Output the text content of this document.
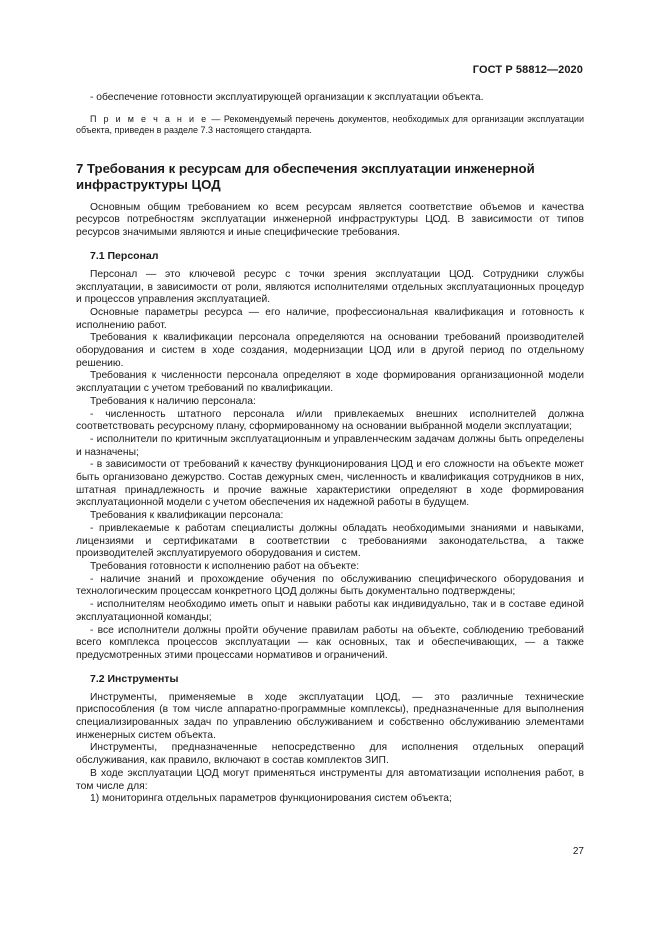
ГОСТ Р 58812—2020

- обеспечение готовности эксплуатирующей организации к эксплуатации объекта.

П р и м е ч а н и е — Рекомендуемый перечень документов, необходимых для организации эксплуатации объекта, приведен в разделе 7.3 настоящего стандарта.

7 Требования к ресурсам для обеспечения эксплуатации инженерной инфраструктуры ЦОД

Основным общим требованием ко всем ресурсам является соответствие объемов и качества ресурсов потребностям эксплуатации инженерной инфраструктуры ЦОД. В зависимости от типов ресурсов значимыми являются и иные специфические требования.

7.1 Персонал

Персонал — это ключевой ресурс с точки зрения эксплуатации ЦОД. Сотрудники службы эксплуатации, в зависимости от роли, являются исполнителями отдельных эксплуатационных процедур и процессов управления эксплуатацией.

Основные параметры ресурса — его наличие, профессиональная квалификация и готовность к исполнению работ.

Требования к квалификации персонала определяются на основании требований производителей оборудования и систем в ходе создания, модернизации ЦОД или в другой период по отдельному решению.

Требования к численности персонала определяют в ходе формирования организационной модели эксплуатации с учетом требований по квалификации.

Требования к наличию персонала:

- численность штатного персонала и/или привлекаемых внешних исполнителей должна соответствовать ресурсному плану, сформированному на основании выбранной модели эксплуатации;

- исполнители по критичным эксплуатационным и управленческим задачам должны быть определены и назначены;

- в зависимости от требований к качеству функционирования ЦОД и его сложности на объекте может быть организовано дежурство. Состав дежурных смен, численность и квалификация сотрудников в них, штатная принадлежность и прочие важные характеристики определяют в ходе формирования эксплуатационной модели с учетом обеспечения их надежной работы в будущем.

Требования к квалификации персонала:

- привлекаемые к работам специалисты должны обладать необходимыми знаниями и навыками, лицензиями и сертификатами в соответствии с требованиями законодательства, а также производителей эксплуатируемого оборудования и систем.

Требования готовности к исполнению работ на объекте:

- наличие знаний и прохождение обучения по обслуживанию специфического оборудования и технологическим процессам конкретного ЦОД должны быть документально подтверждены;

- исполнителям необходимо иметь опыт и навыки работы как индивидуально, так и в составе единой эксплуатационной команды;

- все исполнители должны пройти обучение правилам работы на объекте, соблюдению требований всего комплекса процессов эксплуатации — как основных, так и обеспечивающих, — а также предусмотренных этими процессами нормативов и ограничений.

7.2 Инструменты

Инструменты, применяемые в ходе эксплуатации ЦОД, — это различные технические приспособления (в том числе аппаратно-программные комплексы), предназначенные для выполнения специализированных задач по управлению обслуживанием и собственно обслуживанию элементами инженерных систем объекта.

Инструменты, предназначенные непосредственно для исполнения отдельных операций обслуживания, как правило, включают в состав комплектов ЗИП.

В ходе эксплуатации ЦОД могут применяться инструменты для автоматизации исполнения работ, в том числе для:

1) мониторинга отдельных параметров функционирования систем объекта;

27
